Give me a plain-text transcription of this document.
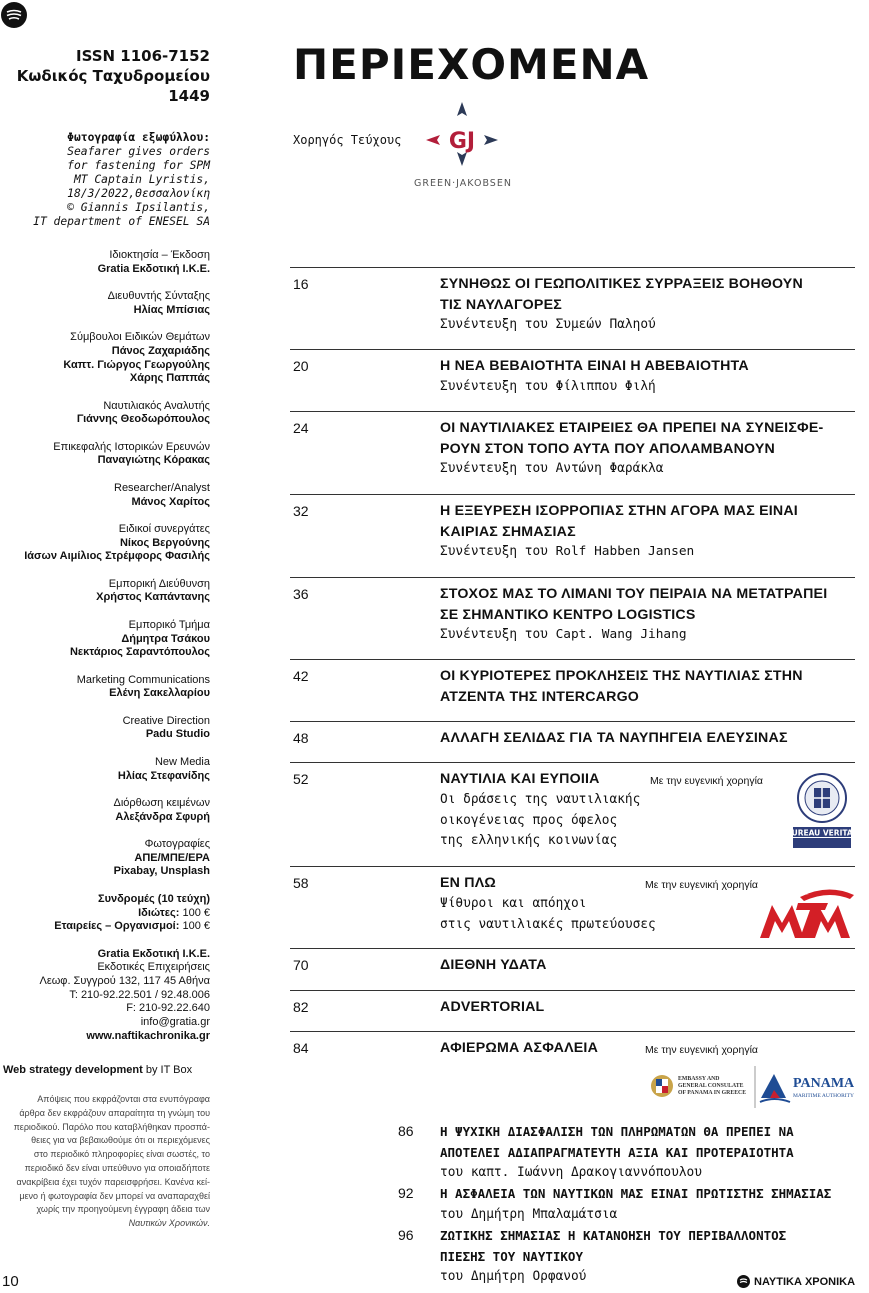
ISSN 1106-7152
Κωδικός Ταχυδρομείου
1449
Φωτογραφία εξωφύλλου:
Seafarer gives orders
for fastening for SPM
MT Captain Lyristis,
18/3/2022,Θεσσαλονίκη
© Giannis Ipsilantis,
IT department of ENESEL SA
Ιδιοκτησία – Έκδοση
Gratia Εκδοτική Ι.Κ.Ε.
Διευθυντής Σύνταξης
Ηλίας Μπίσιας
Σύμβουλοι Ειδικών Θεμάτων
Πάνος Ζαχαριάδης
Καπτ. Γιώργος Γεωργούλης
Χάρης Παππάς
Ναυτιλιακός Αναλυτής
Γιάννης Θεοδωρόπουλος
Επικεφαλής Ιστορικών Ερευνών
Παναγιώτης Κόρακας
Researcher/Analyst
Μάνος Χαρίτος
Ειδικοί συνεργάτες
Νίκος Βεργούνης
Ιάσων Αιμίλιος Στρέμφορς Φασιλής
Εμπορική Διεύθυνση
Χρήστος Καπάντανης
Εμπορικό Τμήμα
Δήμητρα Τσάκου
Νεκτάριος Σαραντόπουλος
Marketing Communications
Ελένη Σακελλαρίου
Creative Direction
Padu Studio
New Media
Ηλίας Στεφανίδης
Διόρθωση κειμένων
Αλεξάνδρα Σφυρή
Φωτογραφίες
ΑΠΕ/ΜΠΕ/EPA
Pixabay, Unsplash
Συνδρομές (10 τεύχη)
Ιδιώτες: 100 €
Εταιρείες – Οργανισμοί: 100 €
Gratia Εκδοτική Ι.Κ.Ε.
Εκδοτικές Επιχειρήσεις
Λεωφ. Συγγρού 132, 117 45 Αθήνα
T: 210-92.22.501 / 92.48.006
F: 210-92.22.640
info@gratia.gr
www.naftikachronika.gr
Web strategy development by IT Box
Απόψεις που εκφράζονται στα ενυπόγραφα
άρθρα δεν εκφράζουν απαραίτητα τη γνώμη του
περιοδικού. Παρόλο που καταβλήθηκαν προσπά-
θειες για να βεβαιωθούμε ότι οι περιεχόμενες
στο περιοδικό πληροφορίες είναι σωστές, το
περιοδικό δεν είναι υπεύθυνο για οποιαδήποτε
ανακρίβεια έχει τυχόν παρεισφρήσει. Κανένα κεί-
μενο ή φωτογραφία δεν μπορεί να αναπαραχθεί
χωρίς την προηγούμενη έγγραφη άδεια των
Ναυτικών Χρονικών.
10
ΠΕΡΙΕΧΟΜΕΝΑ
Χορηγός Τεύχους GJ
GREEN·JAKOBSEN
16	ΣΥΝΗΘΩΣ ΟΙ ΓΕΩΠΟΛΙΤΙΚΕΣ ΣΥΡΡΑΞΕΙΣ ΒΟΗΘΟΥΝ
ΤΙΣ ΝΑΥΛΑΓΟΡΕΣ
Συνέντευξη του Συμεών Παληού
20	Η ΝΕΑ ΒΕΒΑΙΟΤΗΤΑ ΕΙΝΑΙ Η ΑΒΕΒΑΙΟΤΗΤΑ
Συνέντευξη του Φίλιππου Φιλή
24	ΟΙ ΝΑΥΤΙΛΙΑΚΕΣ ΕΤΑΙΡΕΙΕΣ ΘΑ ΠΡΕΠΕΙ ΝΑ ΣΥΝΕΙΣΦΕ-
ΡΟΥΝ ΣΤΟΝ ΤΟΠΟ ΑΥΤΑ ΠΟΥ ΑΠΟΛΑΜΒΑΝΟΥΝ
Συνέντευξη του Αντώνη Φαράκλα
32	Η ΕΞΕΥΡΕΣΗ ΙΣΟΡΡΟΠΙΑΣ ΣΤΗΝ ΑΓΟΡΑ ΜΑΣ ΕΙΝΑΙ
ΚΑΙΡΙΑΣ ΣΗΜΑΣΙΑΣ
Συνέντευξη του Rolf Habben Jansen
36	ΣΤΟΧΟΣ ΜΑΣ ΤΟ ΛΙΜΑΝΙ ΤΟΥ ΠΕΙΡΑΙΑ ΝΑ ΜΕΤΑΤΡΑΠΕΙ
ΣΕ ΣΗΜΑΝΤΙΚΟ ΚΕΝΤΡΟ LOGISTICS
Συνέντευξη του Capt. Wang Jihang
42	ΟΙ ΚΥΡΙΟΤΕΡΕΣ ΠΡΟΚΛΗΣΕΙΣ ΤΗΣ ΝΑΥΤΙΛΙΑΣ ΣΤΗΝ
ΑΤΖΕΝΤΑ ΤΗΣ INTERCARGO
48	ΑΛΛΑΓΗ ΣΕΛΙΔΑΣ ΓΙΑ ΤΑ ΝΑΥΠΗΓΕΙΑ ΕΛΕΥΣΙΝΑΣ
52	ΝΑΥΤΙΛΙΑ ΚΑΙ ΕΥΠΟΙΙΑ	Με την ευγενική χορηγία
Οι δράσεις της ναυτιλιακής
οικογένειας προς όφελος
της ελληνικής κοινωνίας	BUREAU VERITAS
58	ΕΝ ΠΛΩ	Με την ευγενική χορηγία
Ψίθυροι και απόηχοι
στις ναυτιλιακές πρωτεύουσες
MTM
70	ΔΙΕΘΝΗ ΥΔΑΤΑ
82	ADVERTORIAL
84	ΑΦΙΕΡΩΜΑ ΑΣΦΑΛΕΙΑ	Με την ευγενική χορηγία
EMBASSY AND
GENERAL CONSULATE
OF PANAMA IN GREECE
PANAMA
MARITIME AUTHORITY
86 Η ΨΥΧΙΚΗ ΔΙΑΣΦΑΛΙΣΗ ΤΩΝ ΠΛΗΡΩΜΑΤΩΝ ΘΑ ΠΡΕΠΕΙ ΝΑ
ΑΠΟΤΕΛΕΙ ΑΔΙΑΠΡΑΓΜΑΤΕΥΤΗ ΑΞΙΑ ΚΑΙ ΠΡΟΤΕΡΑΙΟΤΗΤΑ
του καπτ. Ιωάννη Δρακογιαννόπουλου
92 Η ΑΣΦΑΛΕΙΑ ΤΩΝ ΝΑΥΤΙΚΩΝ ΜΑΣ ΕΙΝΑΙ ΠΡΩΤΙΣΤΗΣ ΣΗΜΑΣΙΑΣ
του Δημήτρη Μπαλαμάτσια
96 ΖΩΤΙΚΗΣ ΣΗΜΑΣΙΑΣ Η ΚΑΤΑΝΟΗΣΗ ΤΟΥ ΠΕΡΙΒΑΛΛΟΝΤΟΣ
ΠΙΕΣΗΣ ΤΟΥ ΝΑΥΤΙΚΟΥ
του Δημήτρη Ορφανού	ΝΑΥΤΙΚΑ ΧΡΟΝΙΚΑ
